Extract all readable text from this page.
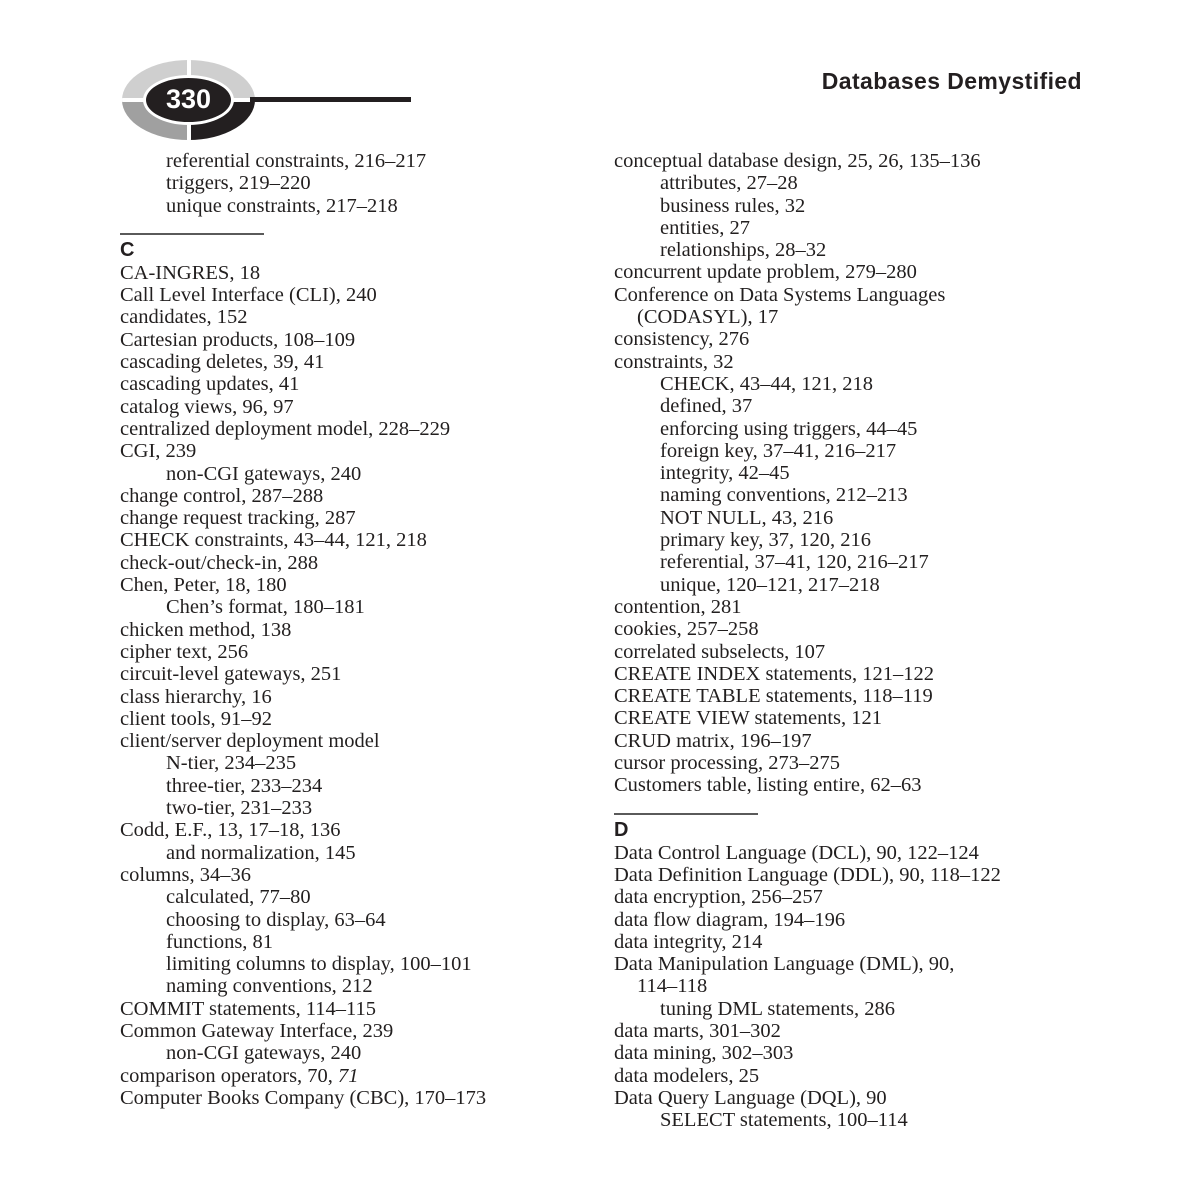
330
Databases Demystified
referential constraints, 216–217
triggers, 219–220
unique constraints, 217–218
C
CA-INGRES, 18
Call Level Interface (CLI), 240
candidates, 152
Cartesian products, 108–109
cascading deletes, 39, 41
cascading updates, 41
catalog views, 96, 97
centralized deployment model, 228–229
CGI, 239
non-CGI gateways, 240
change control, 287–288
change request tracking, 287
CHECK constraints, 43–44, 121, 218
check-out/check-in, 288
Chen, Peter, 18, 180
Chen’s format, 180–181
chicken method, 138
cipher text, 256
circuit-level gateways, 251
class hierarchy, 16
client tools, 91–92
client/server deployment model
N-tier, 234–235
three-tier, 233–234
two-tier, 231–233
Codd, E.F., 13, 17–18, 136
and normalization, 145
columns, 34–36
calculated, 77–80
choosing to display, 63–64
functions, 81
limiting columns to display, 100–101
naming conventions, 212
COMMIT statements, 114–115
Common Gateway Interface, 239
non-CGI gateways, 240
comparison operators, 70, 71
Computer Books Company (CBC), 170–173
conceptual database design, 25, 26, 135–136
attributes, 27–28
business rules, 32
entities, 27
relationships, 28–32
concurrent update problem, 279–280
Conference on Data Systems Languages
(CODASYL), 17
consistency, 276
constraints, 32
CHECK, 43–44, 121, 218
defined, 37
enforcing using triggers, 44–45
foreign key, 37–41, 216–217
integrity, 42–45
naming conventions, 212–213
NOT NULL, 43, 216
primary key, 37, 120, 216
referential, 37–41, 120, 216–217
unique, 120–121, 217–218
contention, 281
cookies, 257–258
correlated subselects, 107
CREATE INDEX statements, 121–122
CREATE TABLE statements, 118–119
CREATE VIEW statements, 121
CRUD matrix, 196–197
cursor processing, 273–275
Customers table, listing entire, 62–63
D
Data Control Language (DCL), 90, 122–124
Data Definition Language (DDL), 90, 118–122
data encryption, 256–257
data flow diagram, 194–196
data integrity, 214
Data Manipulation Language (DML), 90,
114–118
tuning DML statements, 286
data marts, 301–302
data mining, 302–303
data modelers, 25
Data Query Language (DQL), 90
SELECT statements, 100–114
